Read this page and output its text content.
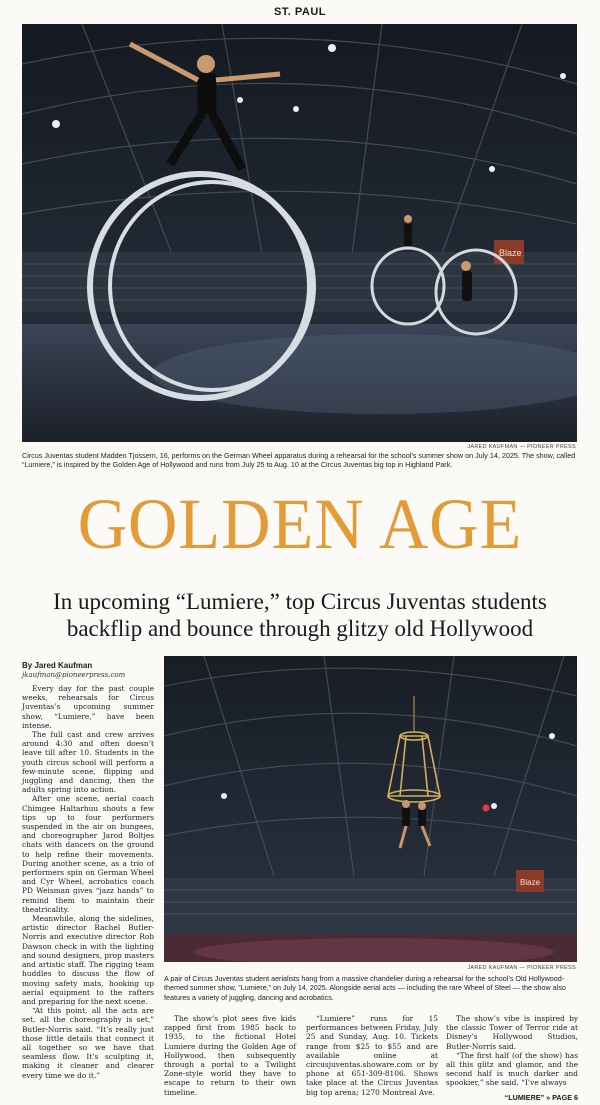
ST. PAUL
Blaze
JARED KAUFMAN — PIONEER PRESS
Circus Juventas student Madden Tjossem, 16, performs on the German Wheel apparatus during a rehearsal for the school's summer show on July 14, 2025. The show, called “Lumiere,” is inspired by the Golden Age of Hollywood and runs from July 25 to Aug. 10 at the Circus Juventas big top in Highland Park.
GOLDEN AGE
In upcoming “Lumiere,” top Circus Juventas students backflip and bounce through glitzy old Hollywood
By Jared Kaufman
jkaufman@pioneerpress.com

Every day for the past couple weeks, rehearsals for Circus Juventas’s upcoming summer show, “Lumiere,” have been intense.

The full cast and crew arrives around 4:30 and often doesn’t leave till after 10. Students in the youth circus school will perform a few-minute scene, flipping and juggling and dancing, then the adults spring into action.

After one scene, aerial coach Chimgee Haltarhuu shouts a few tips up to four performers suspended in the air on bungees, and choreographer Jarod Boltjes chats with dancers on the ground to help refine their movements. During another scene, as a trio of performers spin on German Wheel and Cyr Wheel, acrobatics coach PD Weisman gives “jazz hands” to remind them to maintain their theatricality.

Meanwhile, along the sidelines, artistic director Rachel Butler-Norris and executive director Rob Dawson check in with the lighting and sound designers, prop masters and artistic staff. The rigging team huddles to discuss the flow of moving safety mats, hooking up aerial equipment to the rafters and preparing for the next scene.

“At this point, all the acts are set, all the choreography is set,” Butler-Norris said. “It’s really just those little details that connect it all together so we have that seamless flow. It’s sculpting it, making it cleaner and clearer every time we do it.”

Blaze
JARED KAUFMAN — PIONEER PRESS
A pair of Circus Juventas student aerialists hang from a massive chandelier during a rehearsal for the school’s Old Hollywood-themed summer show, “Lumiere,” on July 14, 2025. Alongside aerial acts — including the rare Wheel of Steel — the show also features a variety of juggling, dancing and acrobatics.

The show’s plot sees five kids zapped first from 1985 back to 1935, to the fictional Hotel Lumiere during the Golden Age of Hollywood, then subsequently through a portal to a Twilight Zone-style world they have to escape to return to their own timeline.

“Lumiere” runs for 15 performances between Friday, July 25 and Sunday, Aug. 10. Tickets range from $25 to $55 and are available online at circusjuventas.showare.com or by phone at 651-309-8106. Shows take place at the Circus Juventas big top arena; 1270 Montreal Ave.

The show’s vibe is inspired by the classic Tower of Terror ride at Disney’s Hollywood Studios, Butler-Norris said.

“The first half (of the show) has all this glitz and glamor, and the second half is much darker and spookier,” she said. “I’ve always

“LUMIERE” » PAGE 6
